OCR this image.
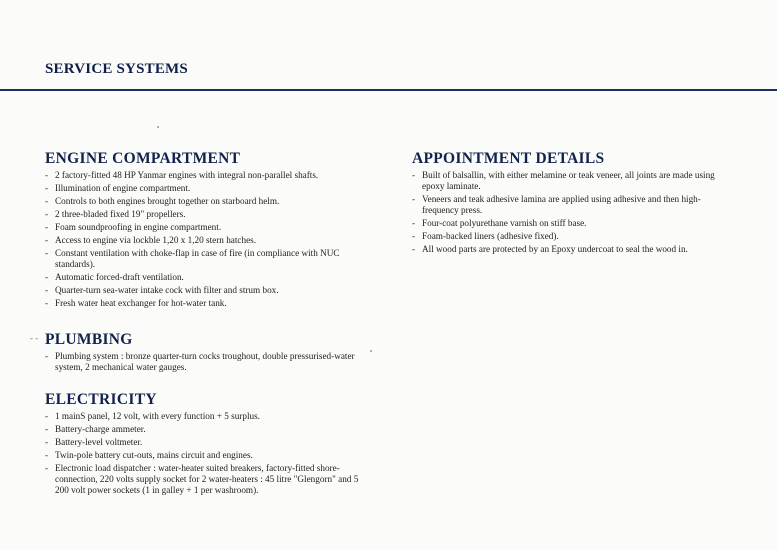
SERVICE SYSTEMS
- -
ENGINE COMPARTMENT
- 2 factory-fitted 48 HP Yanmar engines with integral non-parallel shafts.
- Illumination of engine compartment.
- Controls to both engines brought together on starboard helm.
- 2 three-bladed fixed 19" propellers.
- Foam soundproofing in engine compartment.
- Access to engine via lockble 1,20 x 1,20 stern hatches.
- Constant ventilation with choke-flap in case of fire (in compliance with NUC standards).
- Automatic forced-draft ventilation.
- Quarter-turn sea-water intake cock with filter and strum box.
- Fresh water heat exchanger for hot-water tank.
PLUMBING
- Plumbing system : bronze quarter-turn cocks troughout, double pressurised-water system, 2 mechanical water gauges.
ELECTRICITY
- 1 mainS panel, 12 volt, with every function + 5 surplus.
- Battery-charge ammeter.
- Battery-level voltmeter.
- Twin-pole battery cut-outs, mains circuit and engines.
- Electronic load dispatcher : water-heater suited breakers, factory-fitted shore-connection, 220 volts supply socket for 2 water-heaters : 45 litre "Glengorn" and 5 200 volt power sockets (1 in galley + 1 per washroom).
APPOINTMENT DETAILS
- Built of balsallin, with either melamine or teak veneer, all joints are made using epoxy laminate.
- Veneers and teak adhesive lamina are applied using adhesive and then high-frequency press.
- Four-coat polyurethane varnish on stiff base.
- Foam-backed liners (adhesive fixed).
- All wood parts are protected by an Epoxy undercoat to seal the wood in.
